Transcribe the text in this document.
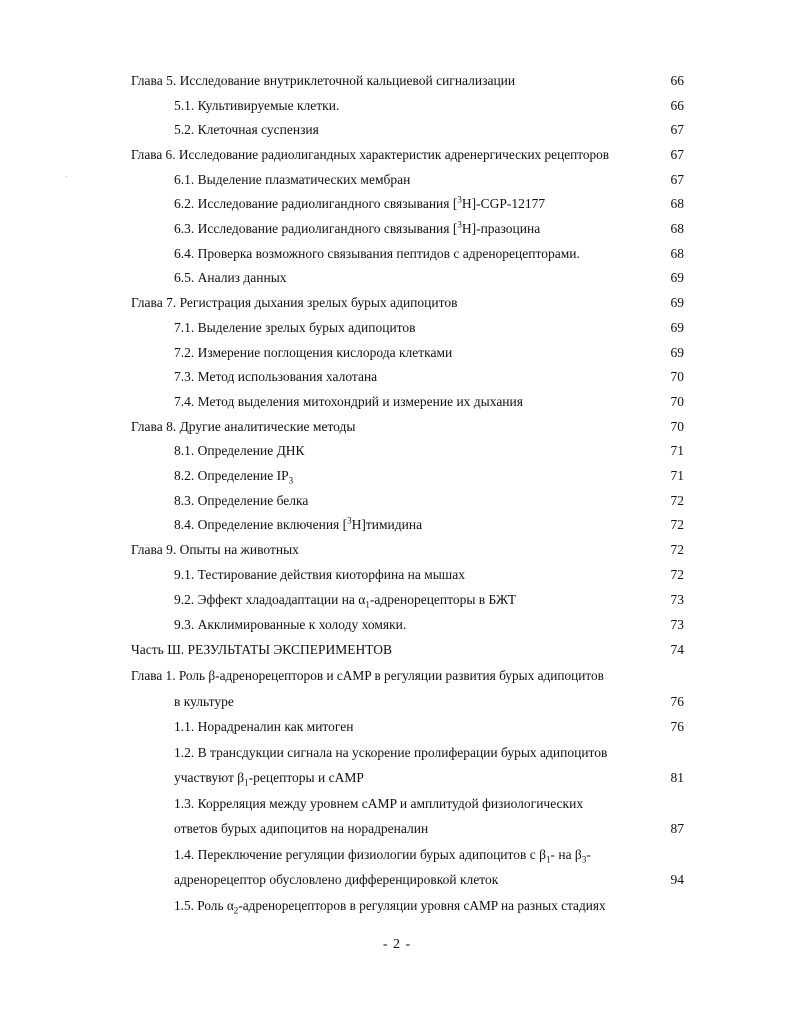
Глава 5. Исследование внутриклеточной кальциевой сигнализации	66
5.1. Культивируемые клетки.	66
5.2. Клеточная суспензия	67
Глава 6. Исследование радиолигандных характеристик адренергических рецепторов	67
6.1. Выделение плазматических мембран	67
6.2. Исследование радиолигандного связывания [$^3$H]-CGP-12177	68
6.3. Исследование радиолигандного связывания [$^3$H]-празоцина	68
6.4. Проверка возможного связывания пептидов с адренорецепторами.	68
6.5. Анализ данных	69
Глава 7. Регистрация дыхания зрелых бурых адипоцитов	69
7.1. Выделение зрелых бурых адипоцитов	69
7.2. Измерение поглощения кислорода клетками	69
7.3. Метод использования халотана	70
7.4. Метод выделения митохондрий и измерение их дыхания	70
Глава 8. Другие аналитические методы	70
8.1. Определение ДНК	71
8.2. Определение $IP_3$	71
8.3. Определение белка	72
8.4. Определение включения [$^3$H]тимидина	72
Глава 9. Опыты на животных	72
9.1. Тестирование действия киоторфина на мышах	72
9.2. Эффект хладоадаптации на $\alpha_1$-адренорецепторы в БЖТ	73
9.3. Акклимированные к холоду хомяки.	73
Часть Ш. РЕЗУЛЬТАТЫ ЭКСПЕРИМЕНТОВ	74
Глава 1. Роль β-адренорецепторов и cAMP в регуляции развития бурых адипоцитов
в культуре	76
1.1. Норадреналин как митоген	76
1.2. В трансдукции сигнала на ускорение пролиферации бурых адипоцитов
участвуют $\beta_1$-рецепторы и cAMP	81
1.3. Корреляция между уровнем cAMP и амплитудой физиологических
ответов бурых адипоцитов на норадреналин	87
1.4. Переключение регуляции физиологии бурых адипоцитов с $\beta_1-$ на $\beta_3-$
адренорецептор обусловлено дифференцировкой клеток	94
1.5. Роль $\alpha_2$-адренорецепторов в регуляции уровня cAMP на разных стадиях
- 2 -
